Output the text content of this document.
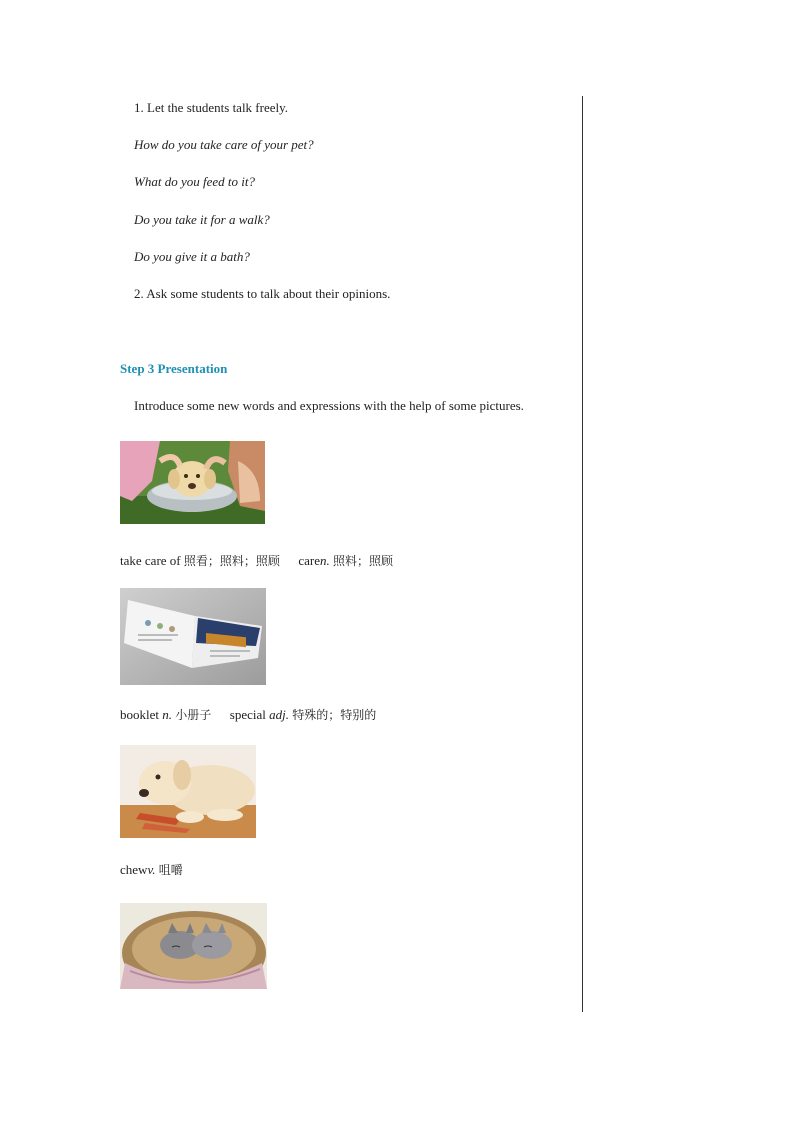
1. Let the students talk freely.
How do you take care of your pet?
What do you feed to it?
Do you take it for a walk?
Do you give it a bath?
2. Ask some students to talk about their opinions.
Step 3 Presentation
Introduce some new words and expressions with the help of some pictures.
take care of 照看；照料；照顾 caren. 照料；照顾
booklet n. 小册子 special adj. 特殊的；特别的
chewv. 咀嚼
